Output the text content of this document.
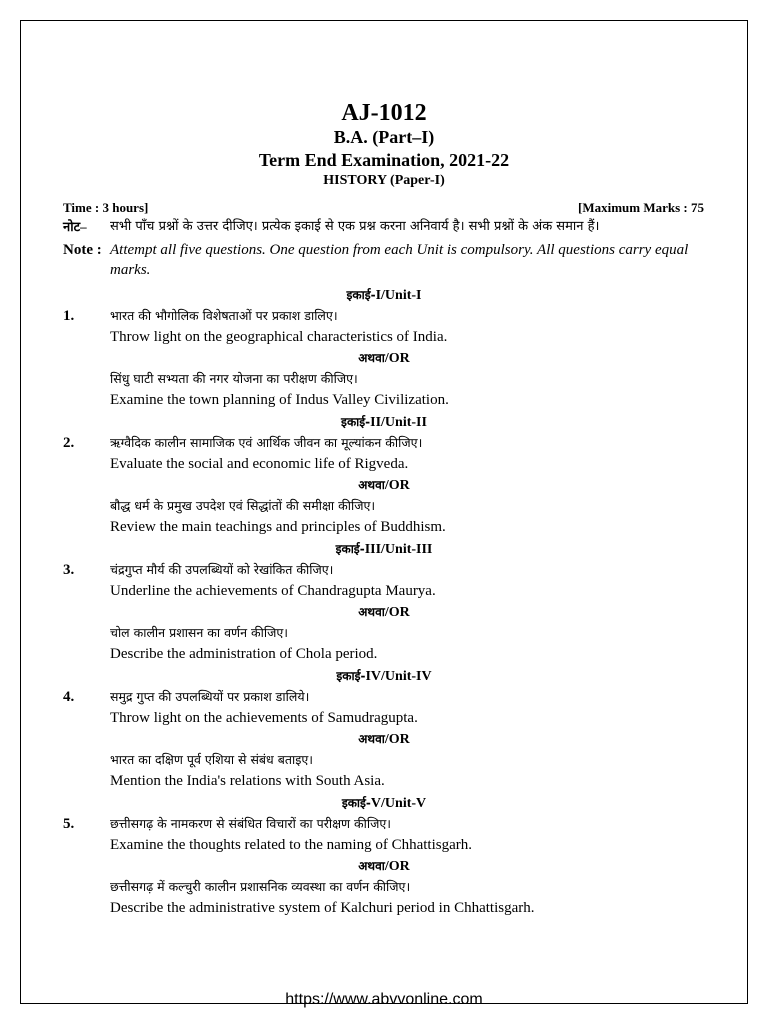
AJ-1012
B.A. (Part–I)
Term End Examination, 2021-22
HISTORY (Paper-I)
Time : 3 hours]	[Maximum Marks : 75
नोट– सभी पाँच प्रश्नों के उत्तर दीजिए। प्रत्येक इकाई से एक प्रश्न करना अनिवार्य है। सभी प्रश्नों के अंक समान हैं।
Note : Attempt all five questions. One question from each Unit is compulsory. All questions carry equal marks.
इकाई-I/Unit-I
1.	भारत की भौगोलिक विशेषताओं पर प्रकाश डालिए।
Throw light on the geographical characteristics of India.
अथवा/OR
सिंधु घाटी सभ्यता की नगर योजना का परीक्षण कीजिए।
Examine the town planning of Indus Valley Civilization.
इकाई-II/Unit-II
2.	ऋग्वैदिक कालीन सामाजिक एवं आर्थिक जीवन का मूल्यांकन कीजिए।
Evaluate the social and economic life of Rigveda.
अथवा/OR
बौद्ध धर्म के प्रमुख उपदेश एवं सिद्धांतों की समीक्षा कीजिए।
Review the main teachings and principles of Buddhism.
इकाई-III/Unit-III
3.	चंद्रगुप्त मौर्य की उपलब्धियों को रेखांकित कीजिए।
Underline the achievements of Chandragupta Maurya.
अथवा/OR
चोल कालीन प्रशासन का वर्णन कीजिए।
Describe the administration of Chola period.
इकाई-IV/Unit-IV
4.	समुद्र गुप्त की उपलब्धियों पर प्रकाश डालिये।
Throw light on the achievements of Samudragupta.
अथवा/OR
भारत का दक्षिण पूर्व एशिया से संबंध बताइए।
Mention the India's relations with South Asia.
इकाई-V/Unit-V
5.	छत्तीसगढ़ के नामकरण से संबंधित विचारों का परीक्षण कीजिए।
Examine the thoughts related to the naming of Chhattisgarh.
अथवा/OR
छत्तीसगढ़ में कल्चुरी कालीन प्रशासनिक व्यवस्था का वर्णन कीजिए।
Describe the administrative system of Kalchuri period in Chhattisgarh.
https://www.abvvonline.com
